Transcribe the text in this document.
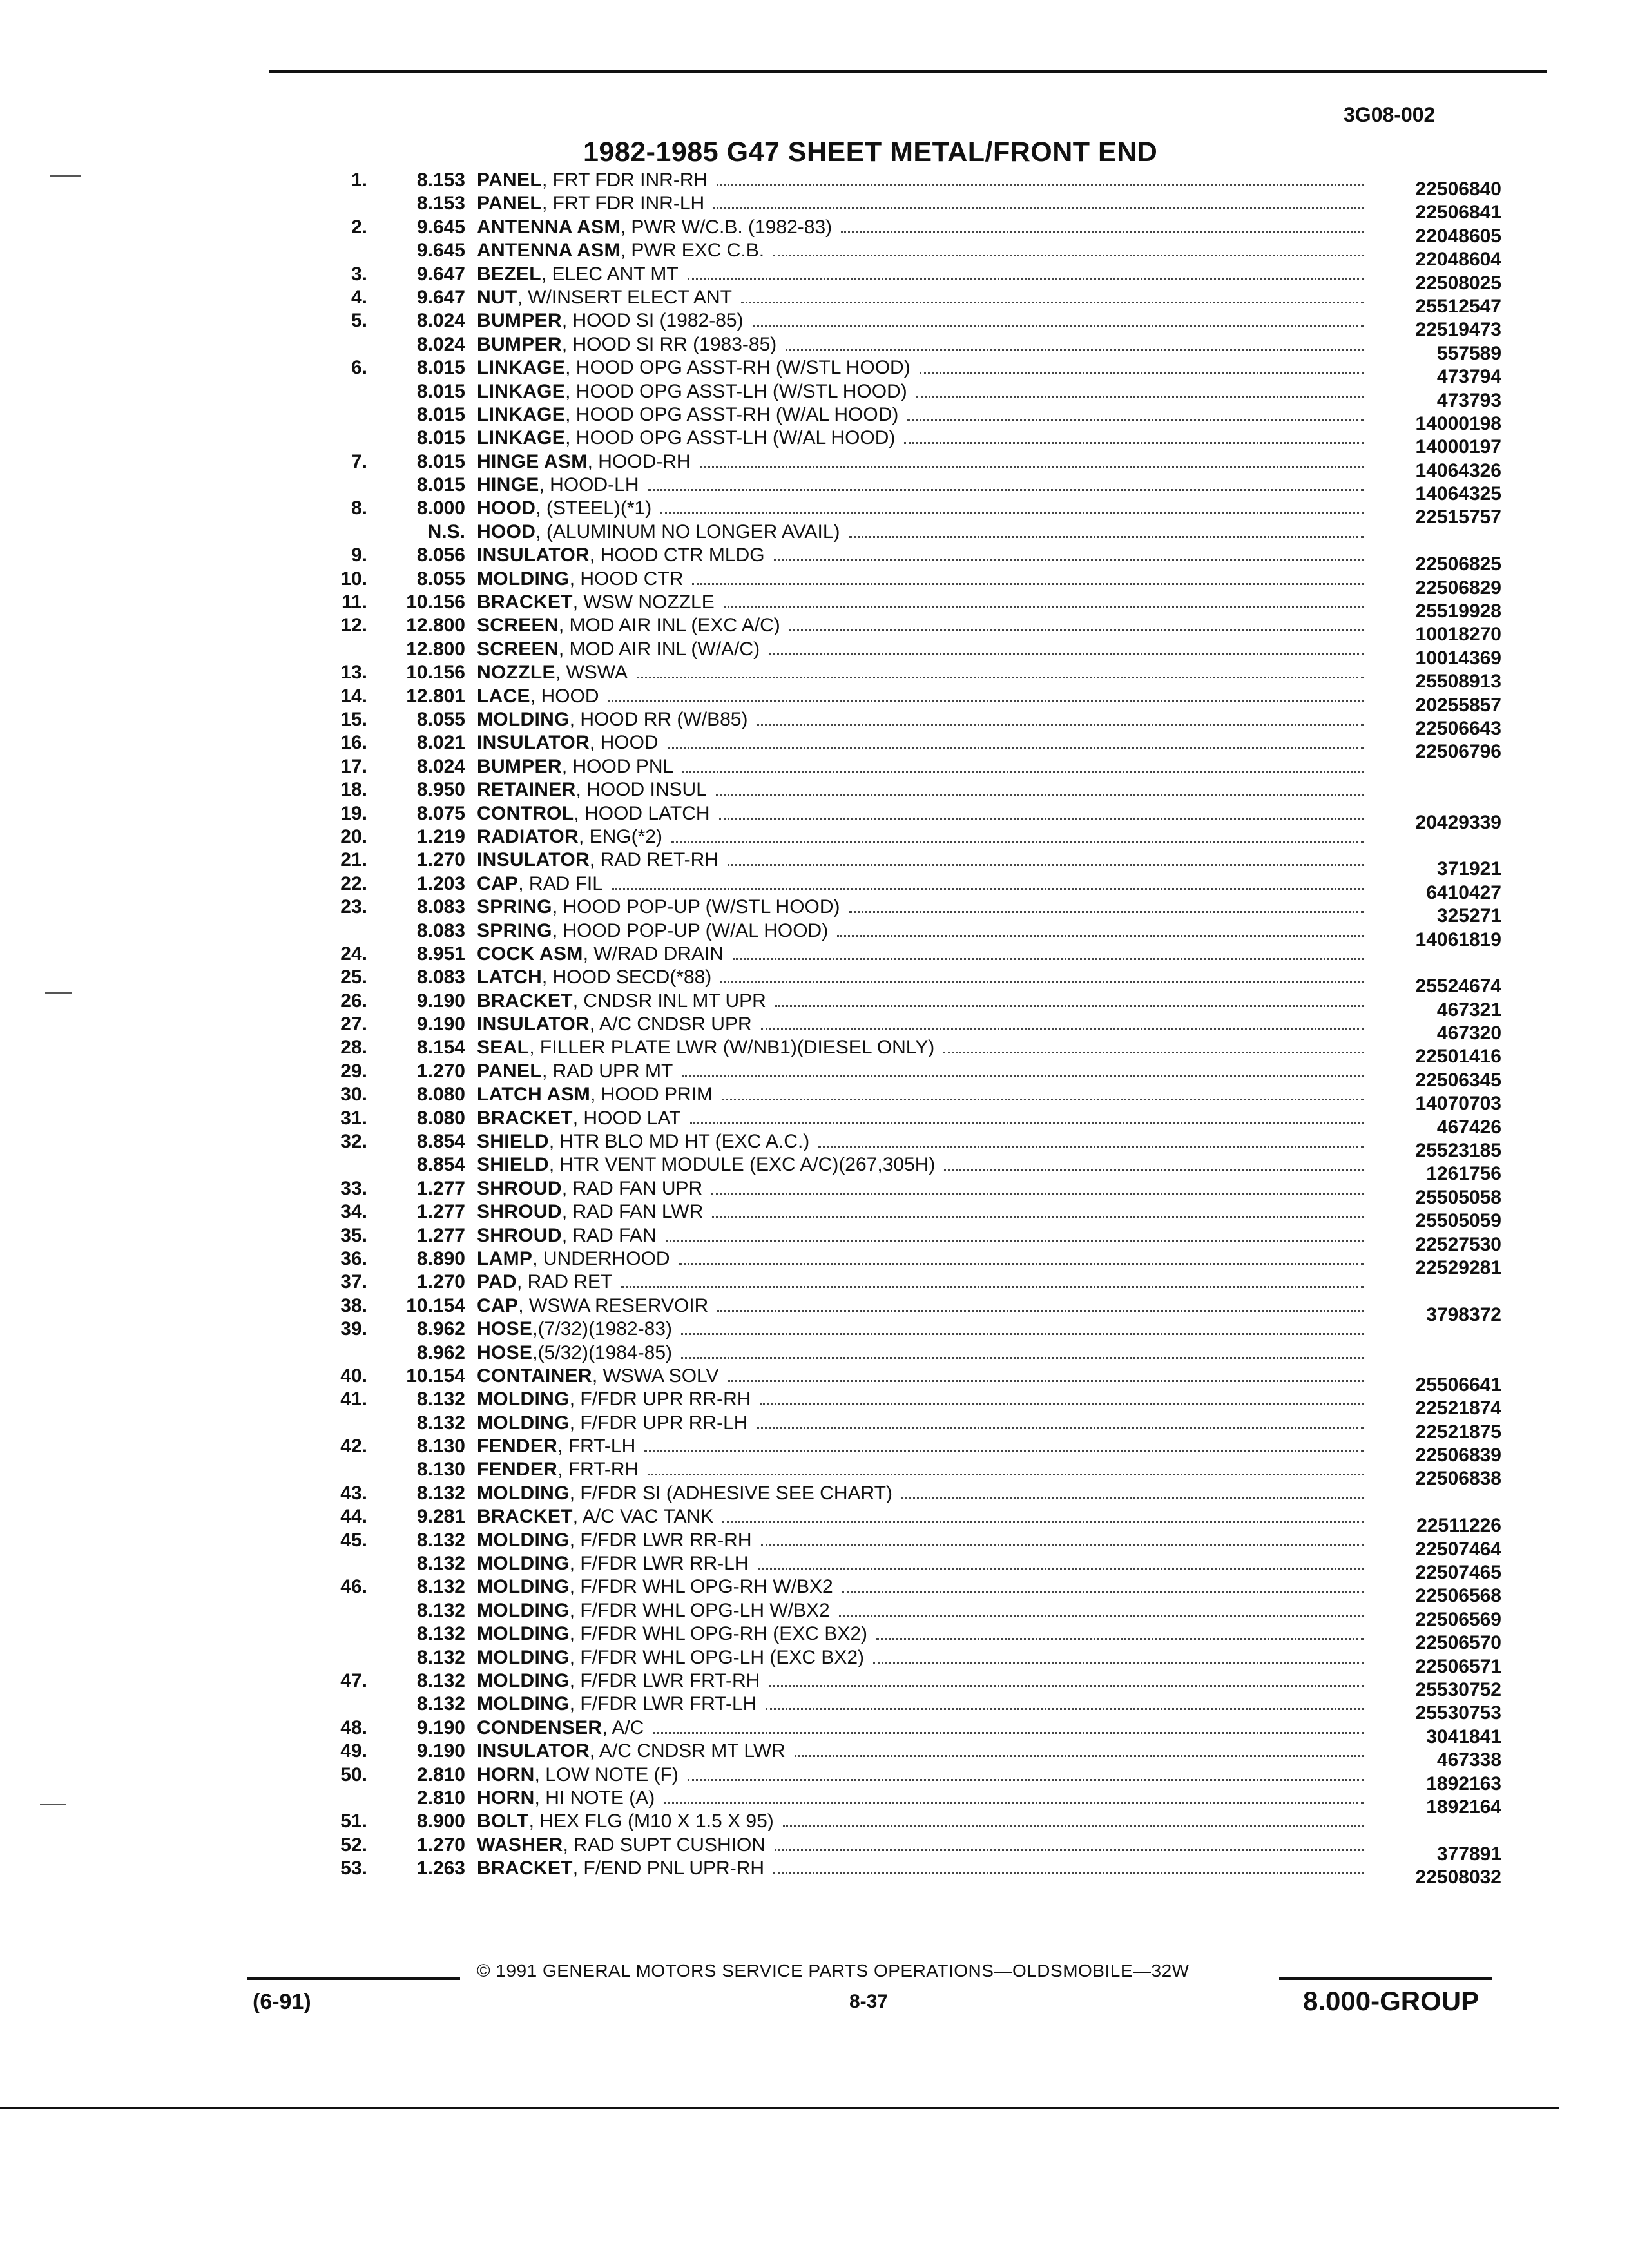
3G08-002
1982-1985 G47 SHEET METAL/FRONT END
1.	8.153 PANEL, FRT FDR INR-RH	22506840
8.153 PANEL, FRT FDR INR-LH	22506841
2.	9.645 ANTENNA ASM, PWR W/C.B. (1982-83)	22048605
9.645 ANTENNA ASM, PWR EXC C.B.	22048604
3.	9.647 BEZEL, ELEC ANT MT	22508025
4.	9.647 NUT, W/INSERT ELECT ANT	25512547
5.	8.024 BUMPER, HOOD SI (1982-85)	22519473
8.024 BUMPER, HOOD SI RR (1983-85)	557589
6.	8.015 LINKAGE, HOOD OPG ASST-RH (W/STL HOOD)	473794
8.015 LINKAGE, HOOD OPG ASST-LH (W/STL HOOD)	473793
8.015 LINKAGE, HOOD OPG ASST-RH (W/AL HOOD)	14000198
8.015 LINKAGE, HOOD OPG ASST-LH (W/AL HOOD)	14000197
7.	8.015 HINGE ASM, HOOD-RH	14064326
8.015 HINGE, HOOD-LH	14064325
8.	8.000 HOOD, (STEEL)(*1)	22515757
N.S. HOOD, (ALUMINUM NO LONGER AVAIL)
9.	8.056 INSULATOR, HOOD CTR MLDG	22506825
10.	8.055 MOLDING, HOOD CTR	22506829
11. 10.156 BRACKET, WSW NOZZLE	25519928
12. 12.800 SCREEN, MOD AIR INL (EXC A/C)	10018270
12.800 SCREEN, MOD AIR INL (W/A/C)	10014369
13. 10.156 NOZZLE, WSWA	25508913
14. 12.801 LACE, HOOD	20255857
15.	8.055 MOLDING, HOOD RR (W/B85)	22506643
16.	8.021 INSULATOR, HOOD	22506796
17.	8.024 BUMPER, HOOD PNL
18.	8.950 RETAINER, HOOD INSUL
19.	8.075 CONTROL, HOOD LATCH	20429339
20.	1.219 RADIATOR, ENG(*2)
21.	1.270 INSULATOR, RAD RET-RH	371921
22.	1.203 CAP, RAD FIL	6410427
23.	8.083 SPRING, HOOD POP-UP (W/STL HOOD)	325271
8.083 SPRING, HOOD POP-UP (W/AL HOOD)	14061819
24.	8.951 COCK ASM, W/RAD DRAIN
25.	8.083 LATCH, HOOD SECD(*88)	25524674
26.	9.190 BRACKET, CNDSR INL MT UPR	467321
27.	9.190 INSULATOR, A/C CNDSR UPR	467320
28.	8.154 SEAL, FILLER PLATE LWR (W/NB1)(DIESEL ONLY)	22501416
29.	1.270 PANEL, RAD UPR MT	22506345
30.	8.080 LATCH ASM, HOOD PRIM	14070703
31.	8.080 BRACKET, HOOD LAT	467426
32.	8.854 SHIELD, HTR BLO MD HT (EXC A.C.)	25523185
8.854 SHIELD, HTR VENT MODULE (EXC A/C)(267,305H)	1261756
33.	1.277 SHROUD, RAD FAN UPR	25505058
34.	1.277 SHROUD, RAD FAN LWR	25505059
35.	1.277 SHROUD, RAD FAN	22527530
36.	8.890 LAMP, UNDERHOOD	22529281
37.	1.270 PAD, RAD RET
38. 10.154 CAP, WSWA RESERVOIR	3798372
39.	8.962 HOSE,(7/32)(1982-83)
8.962 HOSE,(5/32)(1984-85)
40. 10.154 CONTAINER, WSWA SOLV	25506641
41.	8.132 MOLDING, F/FDR UPR RR-RH	22521874
8.132 MOLDING, F/FDR UPR RR-LH	22521875
42.	8.130 FENDER, FRT-LH	22506839
8.130 FENDER, FRT-RH	22506838
43.	8.132 MOLDING, F/FDR SI (ADHESIVE SEE CHART)
44.	9.281 BRACKET, A/C VAC TANK	22511226
45.	8.132 MOLDING, F/FDR LWR RR-RH	22507464
8.132 MOLDING, F/FDR LWR RR-LH	22507465
46.	8.132 MOLDING, F/FDR WHL OPG-RH W/BX2	22506568
8.132 MOLDING, F/FDR WHL OPG-LH W/BX2	22506569
8.132 MOLDING, F/FDR WHL OPG-RH (EXC BX2)	22506570
8.132 MOLDING, F/FDR WHL OPG-LH (EXC BX2)	22506571
47.	8.132 MOLDING, F/FDR LWR FRT-RH	25530752
8.132 MOLDING, F/FDR LWR FRT-LH	25530753
48.	9.190 CONDENSER, A/C	3041841
49.	9.190 INSULATOR, A/C CNDSR MT LWR	467338
50.	2.810 HORN, LOW NOTE (F)	1892163
2.810 HORN, HI NOTE (A)	1892164
51.	8.900 BOLT, HEX FLG (M10 X 1.5 X 95)
52.	1.270 WASHER, RAD SUPT CUSHION	377891
53.	1.263 BRACKET, F/END PNL UPR-RH	22508032
© 1991 GENERAL MOTORS SERVICE PARTS OPERATIONS—OLDSMOBILE—32W
(6-91)	8-37	8.000-GROUP
